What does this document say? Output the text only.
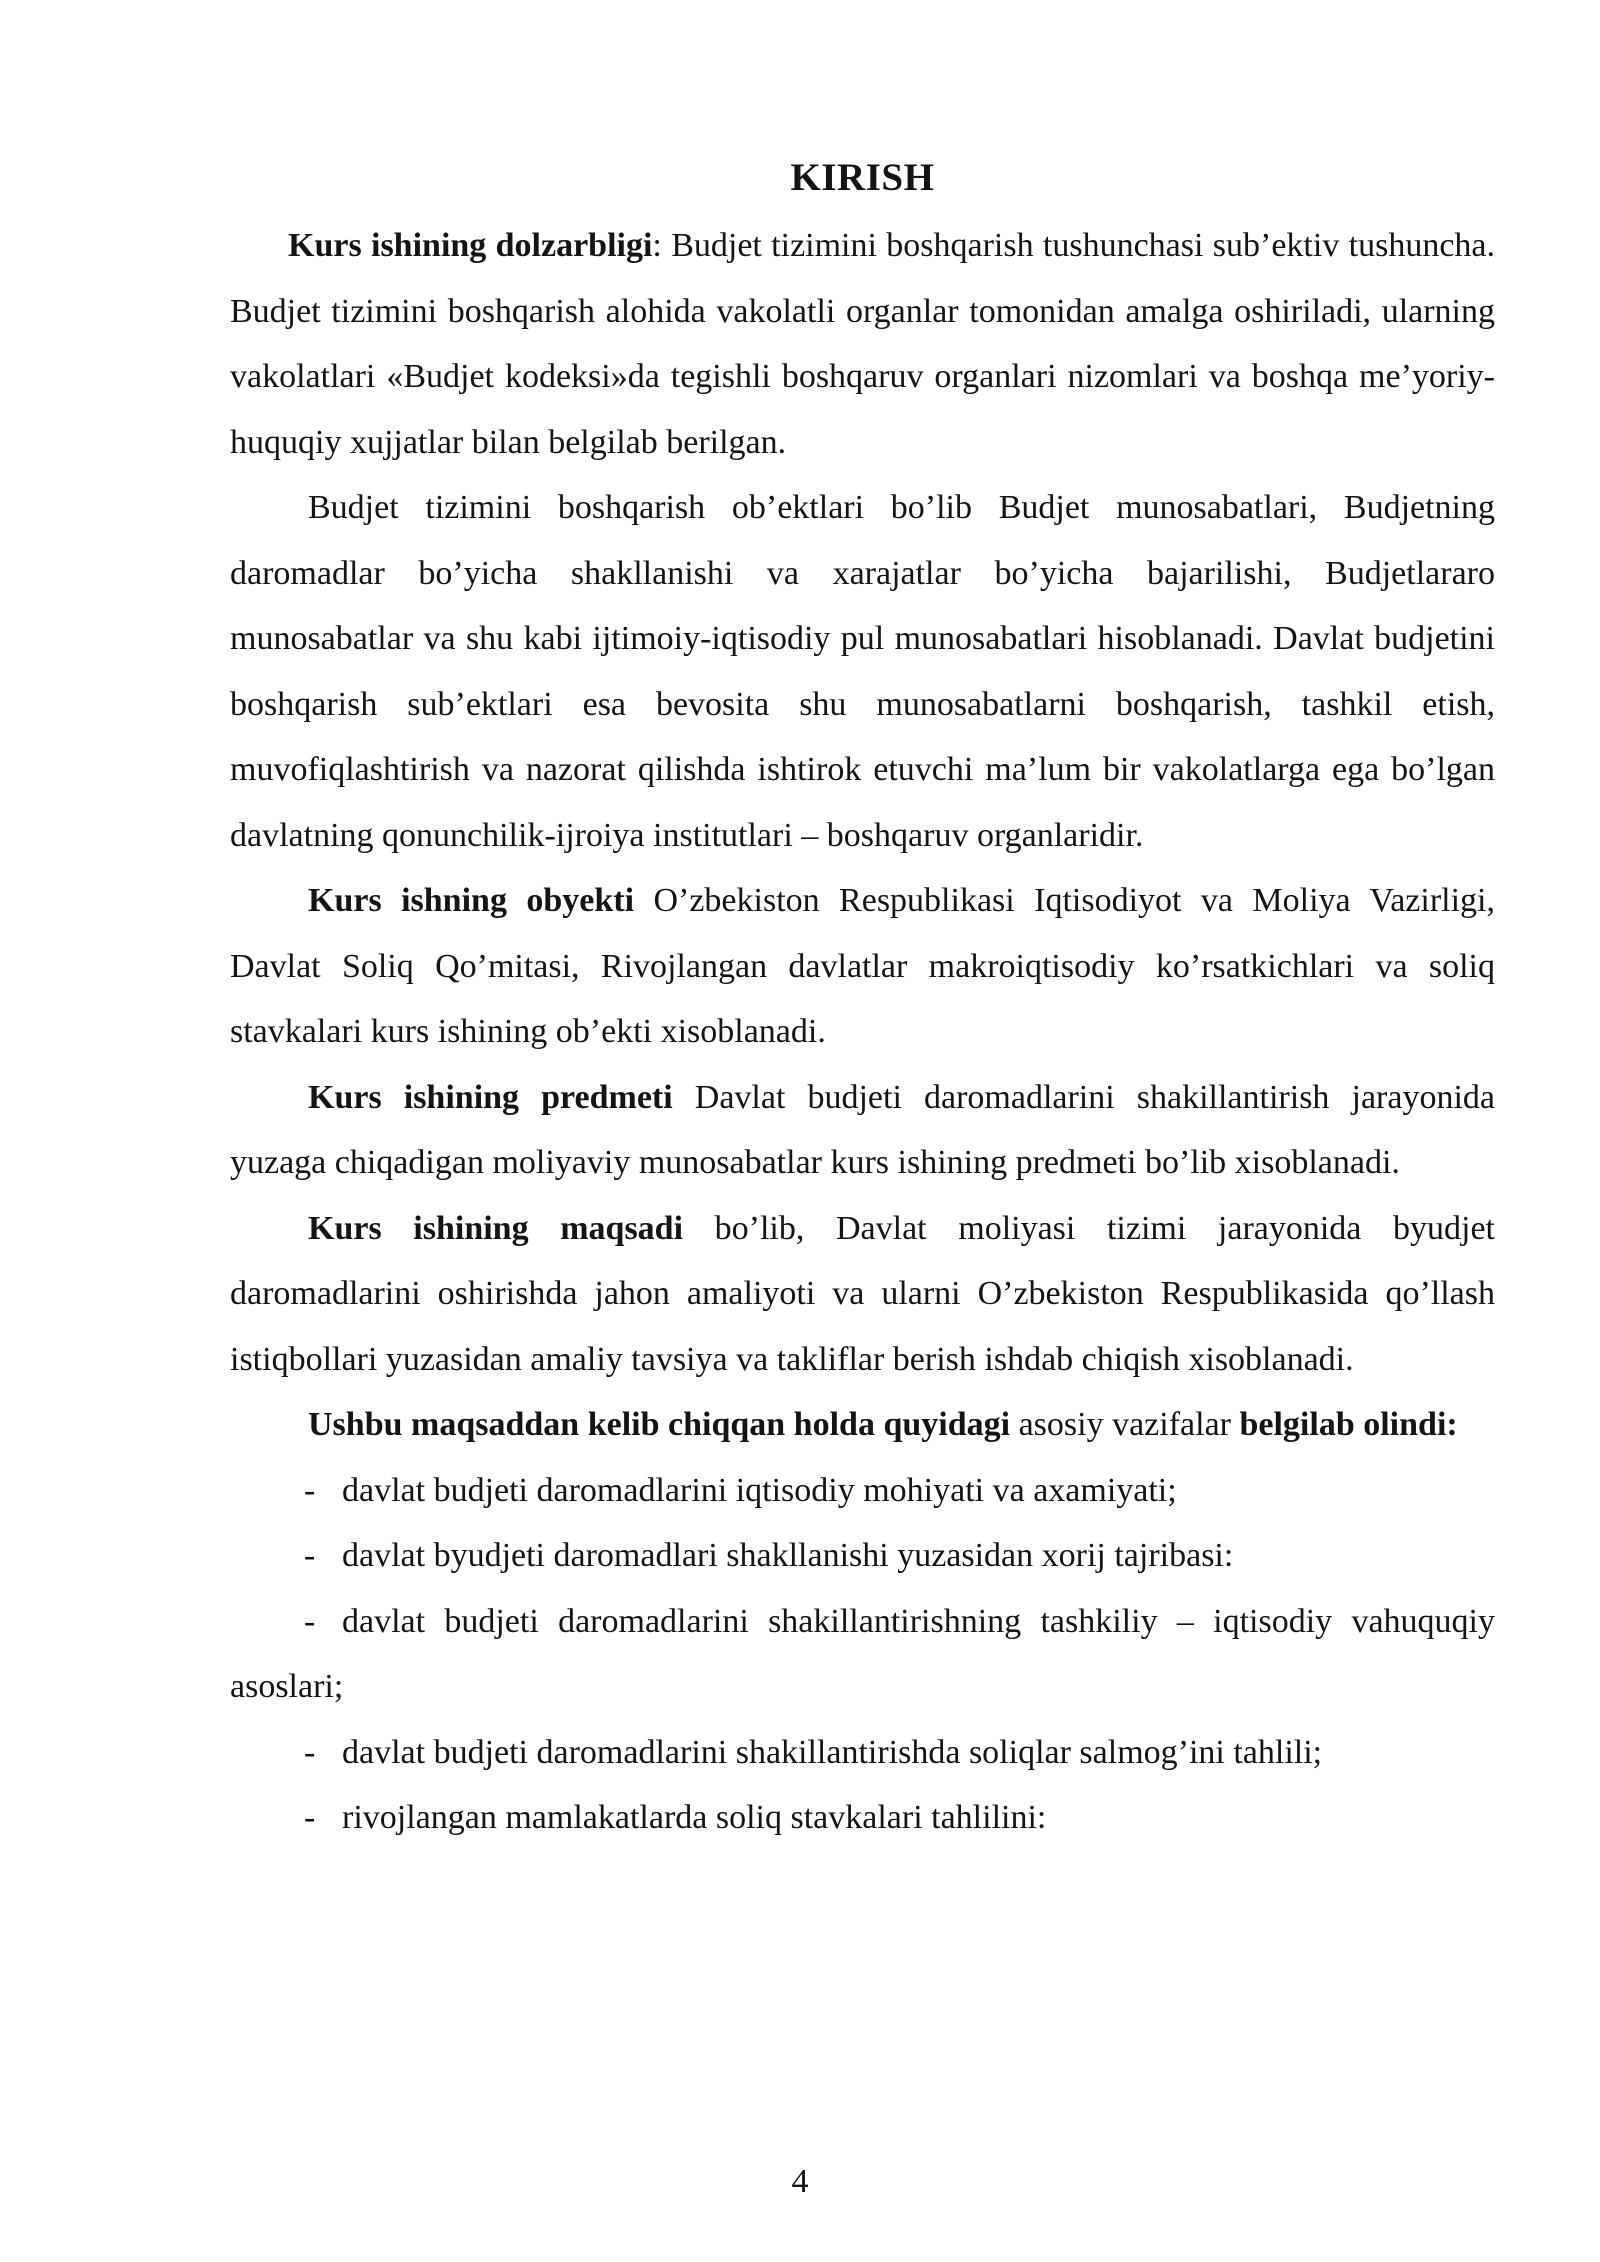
KIRISH

Kurs ishining dolzarbligi: Budjet tizimini boshqarish tushunchasi sub’ektiv tushuncha. Budjet tizimini boshqarish alohida vakolatli organlar tomonidan amalga oshiriladi, ularning vakolatlari «Budjet kodeksi»da tegishli boshqaruv organlari nizomlari va boshqa me’yoriy-huquqiy xujjatlar bilan belgilab berilgan.

Budjet tizimini boshqarish ob’ektlari bo’lib Budjet munosabatlari, Budjetning daromadlar bo’yicha shakllanishi va xarajatlar bo’yicha bajarilishi, Budjetlararo munosabatlar va shu kabi ijtimoiy-iqtisodiy pul munosabatlari hisoblanadi. Davlat budjetini boshqarish sub’ektlari esa bevosita shu munosabatlarni boshqarish, tashkil etish, muvofiqlashtirish va nazorat qilishda ishtirok etuvchi ma’lum bir vakolatlarga ega bo’lgan davlatning qonunchilik-ijroiya institutlari – boshqaruv organlaridir.

Kurs ishning obyekti O’zbekiston Respublikasi Iqtisodiyot va Moliya Vazirligi, Davlat Soliq Qo’mitasi, Rivojlangan davlatlar makroiqtisodiy ko’rsatkichlari va soliq stavkalari kurs ishining ob’ekti xisoblanadi.

Kurs ishining predmeti Davlat budjeti daromadlarini shakillantirish jarayonida yuzaga chiqadigan moliyaviy munosabatlar kurs ishining predmeti bo’lib xisoblanadi.

Kurs ishining maqsadi bo’lib, Davlat moliyasi tizimi jarayonida byudjet daromadlarini oshirishda jahon amaliyoti va ularni O’zbekiston Respublikasida qo’llash istiqbollari yuzasidan amaliy tavsiya va takliflar berish ishdab chiqish xisoblanadi.

Ushbu maqsaddan kelib chiqqan holda quyidagi asosiy vazifalar belgilab olindi:

- davlat budjeti daromadlarini iqtisodiy mohiyati va axamiyati;

- davlat byudjeti daromadlari shakllanishi yuzasidan xorij tajribasi:

- davlat budjeti daromadlarini shakillantirishning tashkiliy – iqtisodiy vahuquqiy asoslari;

- davlat budjeti daromadlarini shakillantirishda soliqlar salmog’ini tahlili;

- rivojlangan mamlakatlarda soliq stavkalari tahlilini:

4
